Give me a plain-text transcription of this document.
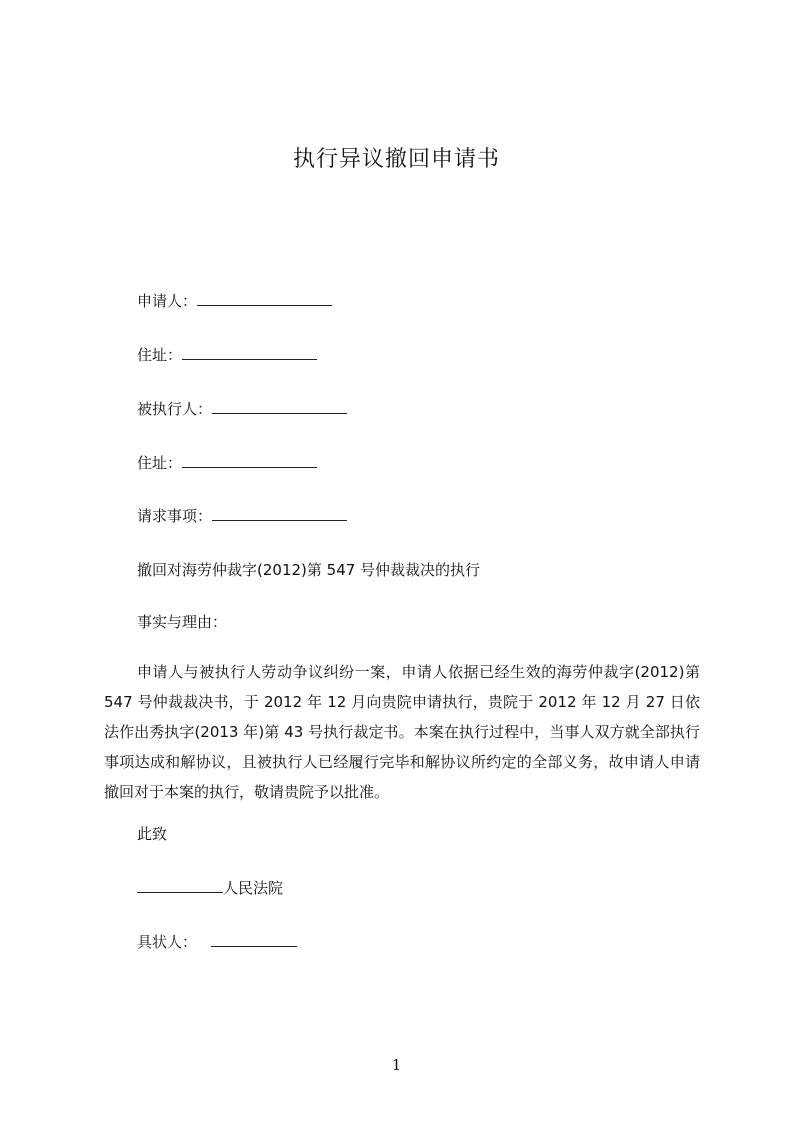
执行异议撤回申请书
申请人：
住址：
被执行人：
住址：
请求事项：
撤回对海劳仲裁字(2012)第 547 号仲裁裁决的执行
事实与理由：
申请人与被执行人劳动争议纠纷一案，申请人依据已经生效的海劳仲裁字(2012)第 547 号仲裁裁决书，于 2012 年 12 月向贵院申请执行，贵院于 2012 年 12 月 27 日依法作出秀执字(2013 年)第 43 号执行裁定书。本案在执行过程中，当事人双方就全部执行事项达成和解协议，且被执行人已经履行完毕和解协议所约定的全部义务，故申请人申请撤回对于本案的执行，敬请贵院予以批准。
此致
人民法院
具状人：
1
